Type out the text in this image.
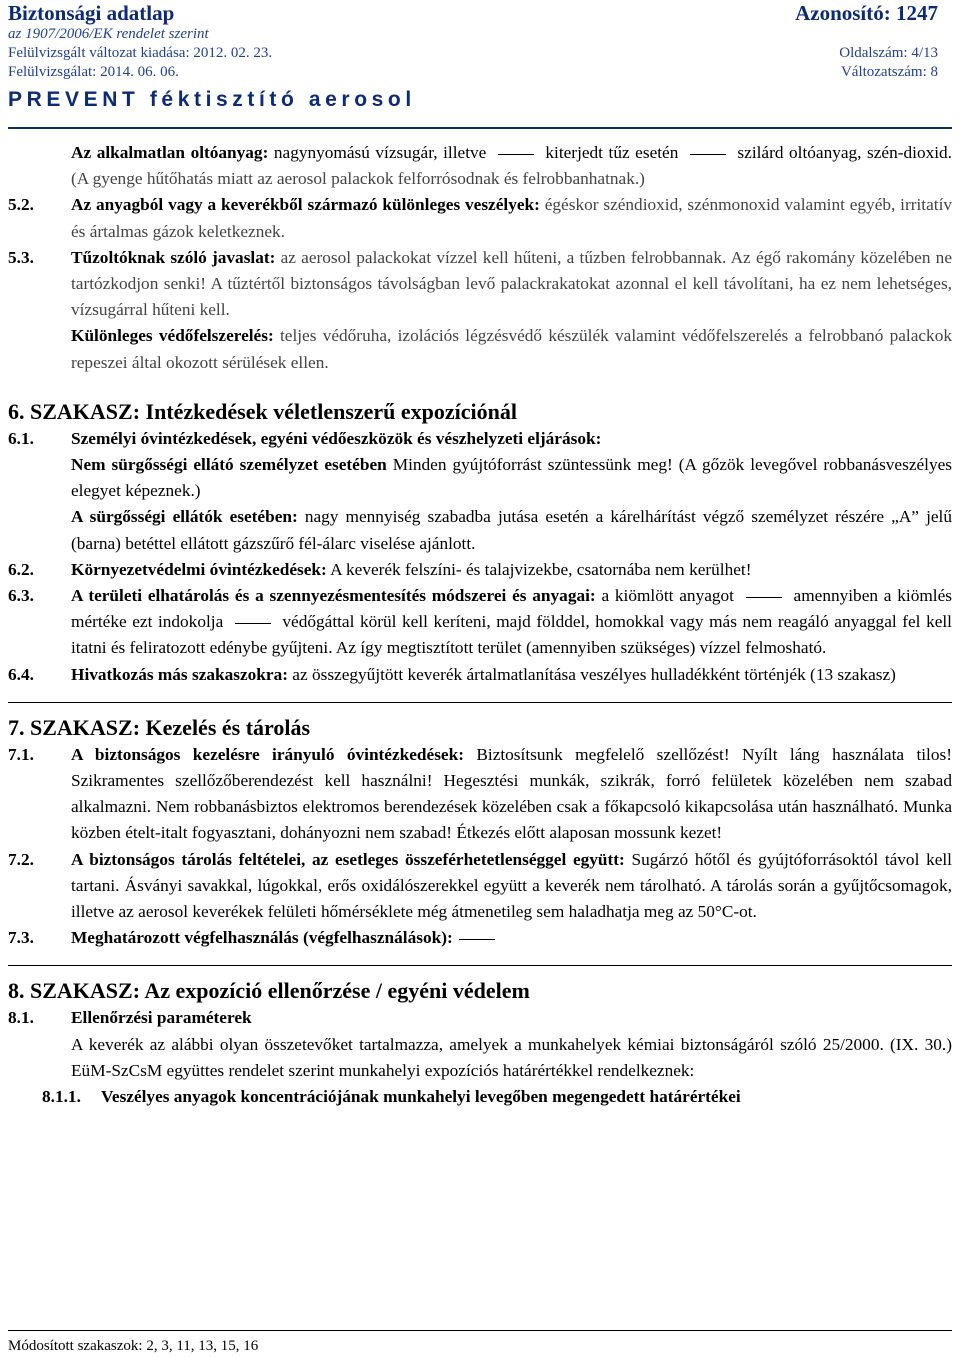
Biztonsági adatlap	Azonosító: 1247
az 1907/2006/EK rendelet szerint
Felülvizsgált változat kiadása: 2012. 02. 23.	Oldalszám: 4/13
Felülvizsgálat: 2014. 06. 06.	Változatszám: 8
PREVENT féktisztító aerosol
Az alkalmatlan oltóanyag: nagynyomású vízsugár, illetve	kiterjedt tűz esetén	szilárd oltóanyag, szén-dioxid. (A gyenge hűtőhatás miatt az aerosol palackok felforrósodnak és felrobbanhatnak.)
5.2. Az anyagból vagy a keverékből származó különleges veszélyek: égéskor széndioxid, szénmonoxid valamint egyéb, irritatív és ártalmas gázok keletkeznek.
5.3. Tűzoltóknak szóló javaslat: az aerosol palackokat vízzel kell hűteni, a tűzben felrobbannak. Az égő rakomány közelében ne tartózkodjon senki! A tűztértől biztonságos távolságban levő palackrakatokat azonnal el kell távolítani, ha ez nem lehetséges, vízsugárral hűteni kell.
Különleges védőfelszerelés: teljes védőruha, izolációs légzésvédő készülék valamint védőfelszerelés a felrobbanó palackok repeszei által okozott sérülések ellen.
6. SZAKASZ: Intézkedések véletlenszerű expozíciónál
6.1. Személyi óvintézkedések, egyéni védőeszközök és vészhelyzeti eljárások:
Nem sürgősségi ellátó személyzet esetében Minden gyújtóforrást szüntessünk meg! (A gőzök levegővel robbanásveszélyes elegyet képeznek.)
A sürgősségi ellátók esetében: nagy mennyiség szabadba jutása esetén a kárelhárítást végző személyzet részére „A” jelű (barna) betéttel ellátott gázszűrő fél-álarc viselése ajánlott.
6.2. Környezetvédelmi óvintézkedések: A keverék felszíni- és talajvizekbe, csatornába nem kerülhet!
6.3. A területi elhatárolás és a szennyezésmentesítés módszerei és anyagai: a kiömlött anyagot	amennyiben a kiömlés mértéke ezt indokolja	védőgáttal körül kell keríteni, majd földdel, homokkal vagy más nem reagáló anyaggal fel kell itatni és feliratozott edénybe gyűjteni. Az így megtisztított terület (amennyiben szükséges) vízzel felmosható.
6.4. Hivatkozás más szakaszokra: az összegyűjtött keverék ártalmatlanítása veszélyes hulladékként történjék (13 szakasz)
7. SZAKASZ: Kezelés és tárolás
7.1. A biztonságos kezelésre irányuló óvintézkedések: Biztosítsunk megfelelő szellőzést! Nyílt láng használata tilos! Szikramentes szellőzőberendezést kell használni! Hegesztési munkák, szikrák, forró felületek közelében nem szabad alkalmazni. Nem robbanásbiztos elektromos berendezések közelében csak a főkapcsoló kikapcsolása után használható. Munka közben ételt-italt fogyasztani, dohányozni nem szabad! Étkezés előtt alaposan mossunk kezet!
7.2. A biztonságos tárolás feltételei, az esetleges összeférhetetlenséggel együtt: Sugárzó hőtől és gyújtóforrásoktól távol kell tartani. Ásványi savakkal, lúgokkal, erős oxidálószerekkel együtt a keverék nem tárolható. A tárolás során a gyűjtőcsomagok, illetve az aerosol keverékek felületi hőmérséklete még átmenetileg sem haladhatja meg az 50°C-ot.
7.3. Meghatározott végfelhasználás (végfelhasználások):
8. SZAKASZ: Az expozíció ellenőrzése / egyéni védelem
8.1. Ellenőrzési paraméterek
A keverék az alábbi olyan összetevőket tartalmazza, amelyek a munkahelyek kémiai biztonságáról szóló 25/2000. (IX. 30.) EüM-SzCsM együttes rendelet szerint munkahelyi expozíciós határértékkel rendelkeznek:
8.1.1. Veszélyes anyagok koncentrációjának munkahelyi levegőben megengedett határértékei
Módosított szakaszok: 2, 3, 11, 13, 15, 16
